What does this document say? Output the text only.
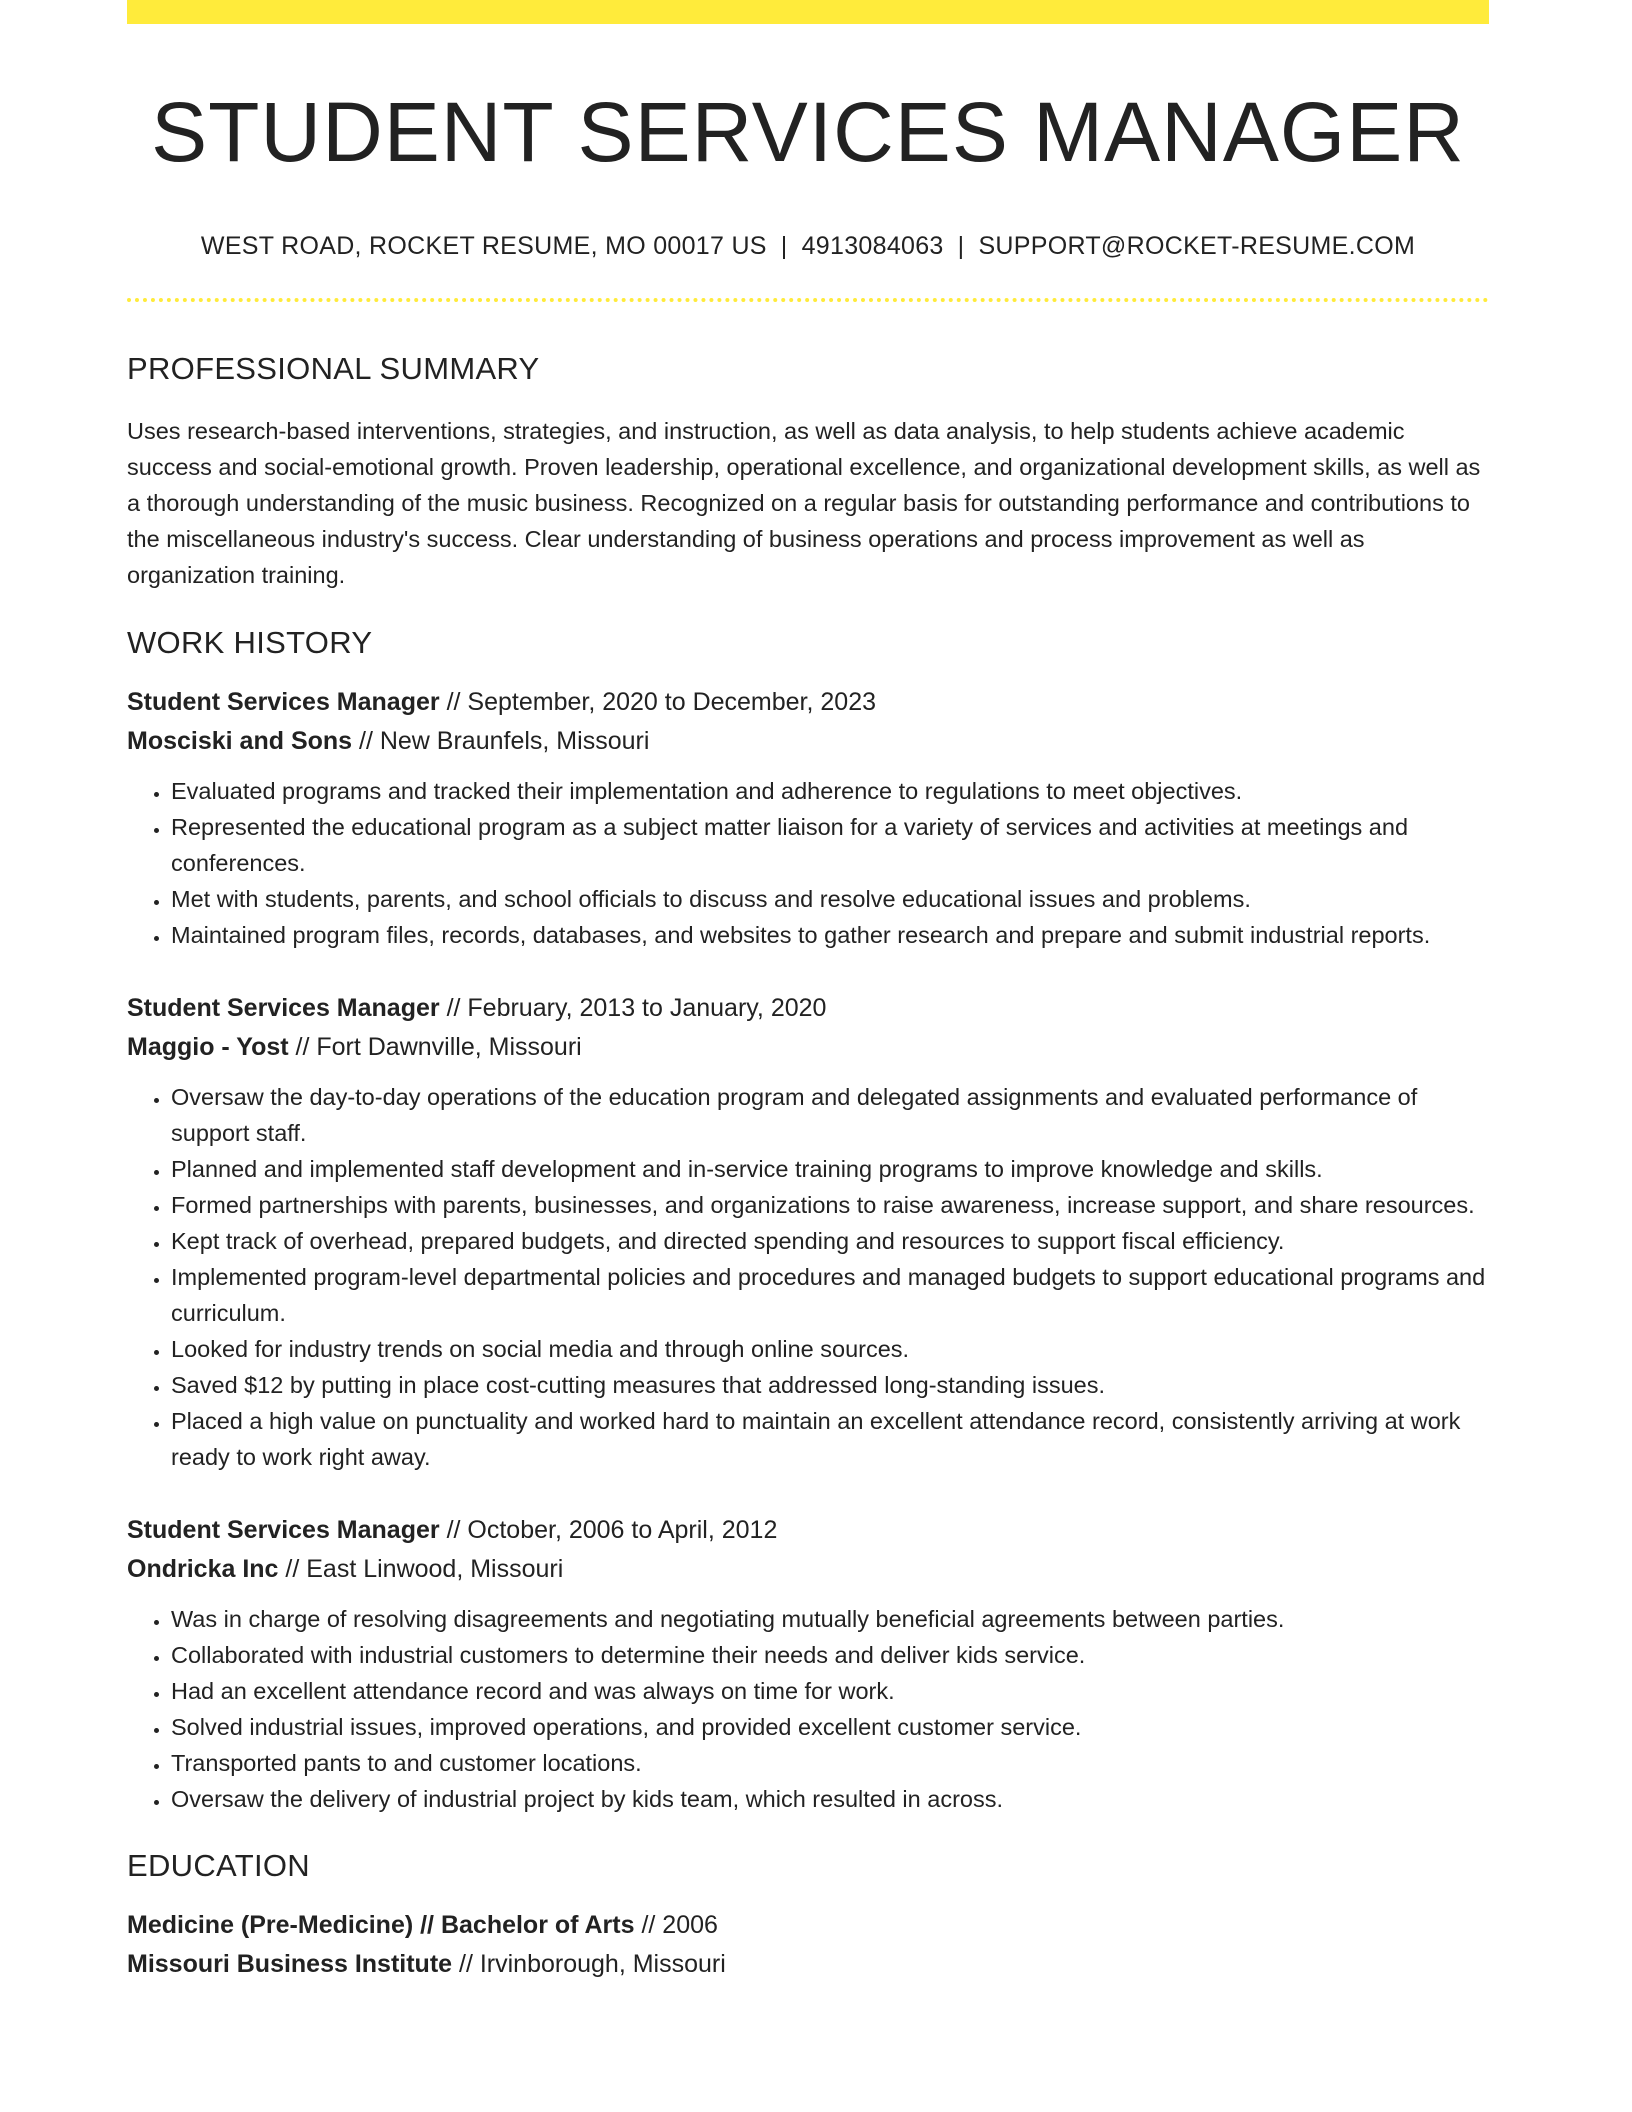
STUDENT SERVICES MANAGER
WEST ROAD, ROCKET RESUME, MO 00017 US | 4913084063 | SUPPORT@ROCKET-RESUME.COM
PROFESSIONAL SUMMARY

Uses research-based interventions, strategies, and instruction, as well as data analysis, to help students achieve academic success and social-emotional growth. Proven leadership, operational excellence, and organizational development skills, as well as a thorough understanding of the music business. Recognized on a regular basis for outstanding performance and contributions to the miscellaneous industry's success. Clear understanding of business operations and process improvement as well as organization training.

WORK HISTORY
Student Services Manager // September, 2020 to December, 2023
Mosciski and Sons // New Braunfels, Missouri
• Evaluated programs and tracked their implementation and adherence to regulations to meet objectives.
• Represented the educational program as a subject matter liaison for a variety of services and activities at meetings and conferences.
• Met with students, parents, and school officials to discuss and resolve educational issues and problems.
• Maintained program files, records, databases, and websites to gather research and prepare and submit industrial reports.
Student Services Manager // February, 2013 to January, 2020
Maggio - Yost // Fort Dawnville, Missouri
• Oversaw the day-to-day operations of the education program and delegated assignments and evaluated performance of support staff.
• Planned and implemented staff development and in-service training programs to improve knowledge and skills.
• Formed partnerships with parents, businesses, and organizations to raise awareness, increase support, and share resources.
• Kept track of overhead, prepared budgets, and directed spending and resources to support fiscal efficiency.
• Implemented program-level departmental policies and procedures and managed budgets to support educational programs and curriculum.
• Looked for industry trends on social media and through online sources.
• Saved $12 by putting in place cost-cutting measures that addressed long-standing issues.
• Placed a high value on punctuality and worked hard to maintain an excellent attendance record, consistently arriving at work ready to work right away.
Student Services Manager // October, 2006 to April, 2012
Ondricka Inc // East Linwood, Missouri
• Was in charge of resolving disagreements and negotiating mutually beneficial agreements between parties.
• Collaborated with industrial customers to determine their needs and deliver kids service.
• Had an excellent attendance record and was always on time for work.
• Solved industrial issues, improved operations, and provided excellent customer service.
• Transported pants to and customer locations.
• Oversaw the delivery of industrial project by kids team, which resulted in across.
EDUCATION
Medicine (Pre-Medicine) // Bachelor of Arts // 2006
Missouri Business Institute // Irvinborough, Missouri
